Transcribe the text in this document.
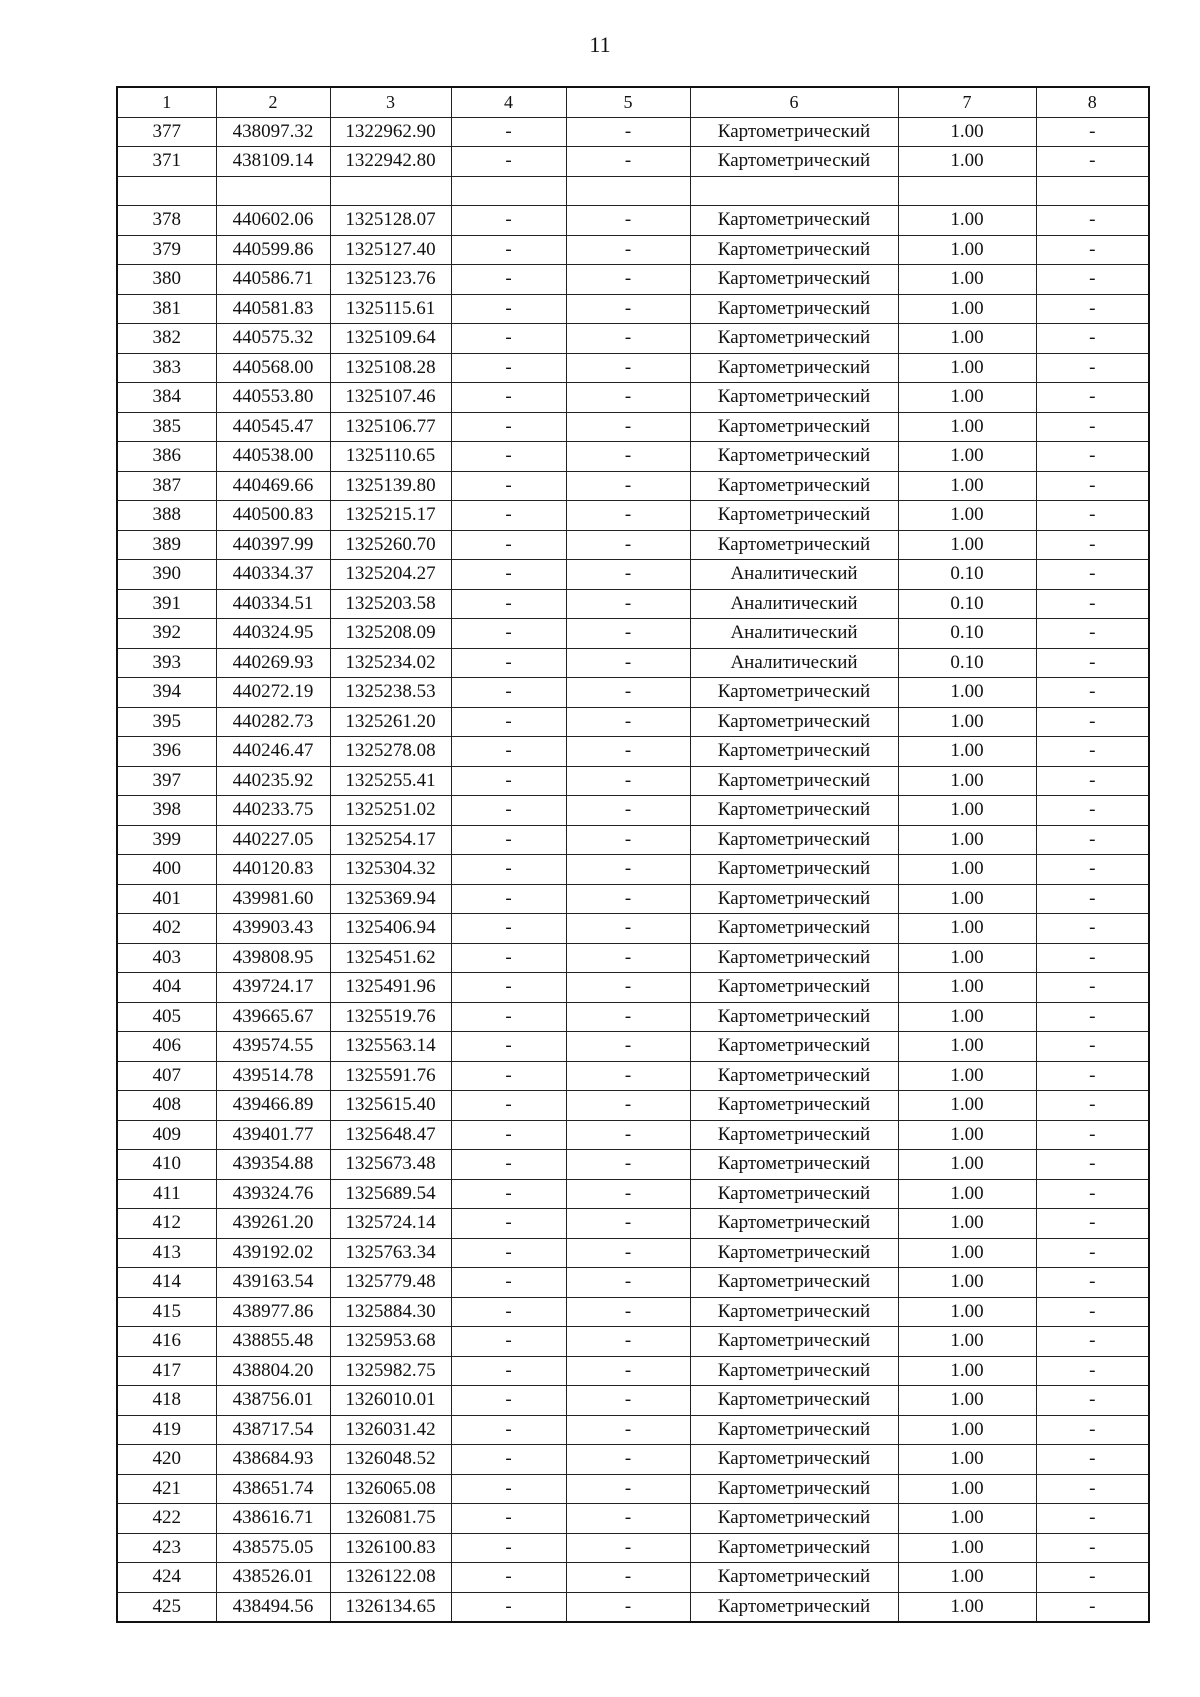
11
1	2	3	4	5	6	7	8
377	438097.32	1322962.90	-	-	Картометрический	1.00	-
371	438109.14	1322942.80	-	-	Картометрический	1.00	-

378	440602.06	1325128.07	-	-	Картометрический	1.00	-
379	440599.86	1325127.40	-	-	Картометрический	1.00	-
380	440586.71	1325123.76	-	-	Картометрический	1.00	-
381	440581.83	1325115.61	-	-	Картометрический	1.00	-
382	440575.32	1325109.64	-	-	Картометрический	1.00	-
383	440568.00	1325108.28	-	-	Картометрический	1.00	-
384	440553.80	1325107.46	-	-	Картометрический	1.00	-
385	440545.47	1325106.77	-	-	Картометрический	1.00	-
386	440538.00	1325110.65	-	-	Картометрический	1.00	-
387	440469.66	1325139.80	-	-	Картометрический	1.00	-
388	440500.83	1325215.17	-	-	Картометрический	1.00	-
389	440397.99	1325260.70	-	-	Картометрический	1.00	-
390	440334.37	1325204.27	-	-	Аналитический	0.10	-
391	440334.51	1325203.58	-	-	Аналитический	0.10	-
392	440324.95	1325208.09	-	-	Аналитический	0.10	-
393	440269.93	1325234.02	-	-	Аналитический	0.10	-
394	440272.19	1325238.53	-	-	Картометрический	1.00	-
395	440282.73	1325261.20	-	-	Картометрический	1.00	-
396	440246.47	1325278.08	-	-	Картометрический	1.00	-
397	440235.92	1325255.41	-	-	Картометрический	1.00	-
398	440233.75	1325251.02	-	-	Картометрический	1.00	-
399	440227.05	1325254.17	-	-	Картометрический	1.00	-
400	440120.83	1325304.32	-	-	Картометрический	1.00	-
401	439981.60	1325369.94	-	-	Картометрический	1.00	-
402	439903.43	1325406.94	-	-	Картометрический	1.00	-
403	439808.95	1325451.62	-	-	Картометрический	1.00	-
404	439724.17	1325491.96	-	-	Картометрический	1.00	-
405	439665.67	1325519.76	-	-	Картометрический	1.00	-
406	439574.55	1325563.14	-	-	Картометрический	1.00	-
407	439514.78	1325591.76	-	-	Картометрический	1.00	-
408	439466.89	1325615.40	-	-	Картометрический	1.00	-
409	439401.77	1325648.47	-	-	Картометрический	1.00	-
410	439354.88	1325673.48	-	-	Картометрический	1.00	-
411	439324.76	1325689.54	-	-	Картометрический	1.00	-
412	439261.20	1325724.14	-	-	Картометрический	1.00	-
413	439192.02	1325763.34	-	-	Картометрический	1.00	-
414	439163.54	1325779.48	-	-	Картометрический	1.00	-
415	438977.86	1325884.30	-	-	Картометрический	1.00	-
416	438855.48	1325953.68	-	-	Картометрический	1.00	-
417	438804.20	1325982.75	-	-	Картометрический	1.00	-
418	438756.01	1326010.01	-	-	Картометрический	1.00	-
419	438717.54	1326031.42	-	-	Картометрический	1.00	-
420	438684.93	1326048.52	-	-	Картометрический	1.00	-
421	438651.74	1326065.08	-	-	Картометрический	1.00	-
422	438616.71	1326081.75	-	-	Картометрический	1.00	-
423	438575.05	1326100.83	-	-	Картометрический	1.00	-
424	438526.01	1326122.08	-	-	Картометрический	1.00	-
425	438494.56	1326134.65	-	-	Картометрический	1.00	-
